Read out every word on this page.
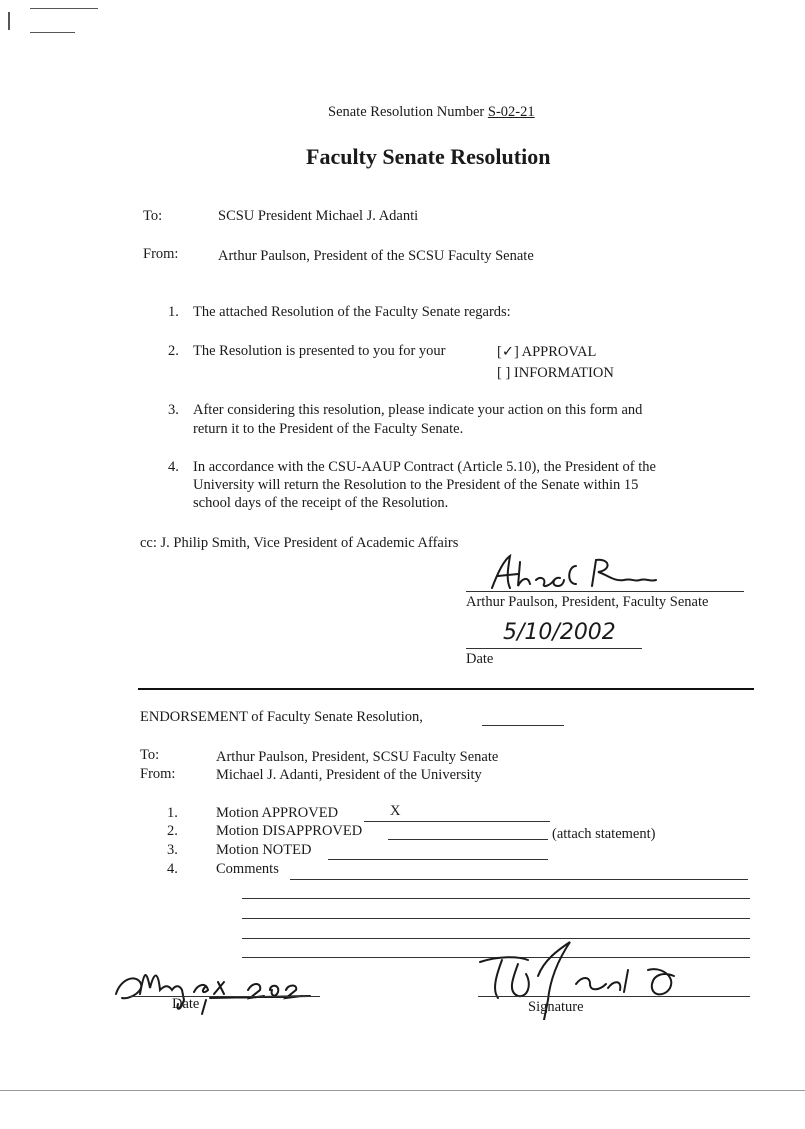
Senate Resolution Number S-02-21
Faculty Senate Resolution
To:	SCSU President Michael J. Adanti
From:	Arthur Paulson, President of the SCSU Faculty Senate
1. The attached Resolution of the Faculty Senate regards:
2. The Resolution is presented to you for your	[✓] APPROVAL
[ ] INFORMATION
3. After considering this resolution, please indicate your action on this form and
return it to the President of the Faculty Senate.
4. In accordance with the CSU-AAUP Contract (Article 5.10), the President of the
University will return the Resolution to the President of the Senate within 15
school days of the receipt of the Resolution.
cc: J. Philip Smith, Vice President of Academic Affairs
Arthur Paulson, President, Faculty Senate
5/10/2002
Date
ENDORSEMENT of Faculty Senate Resolution,
To:	Arthur Paulson, President, SCSU Faculty Senate
From:	Michael J. Adanti, President of the University
1.	Motion APPROVED	X
2.	Motion DISAPPROVED	(attach statement)
3.	Motion NOTED
4.	Comments
Date	Signature
